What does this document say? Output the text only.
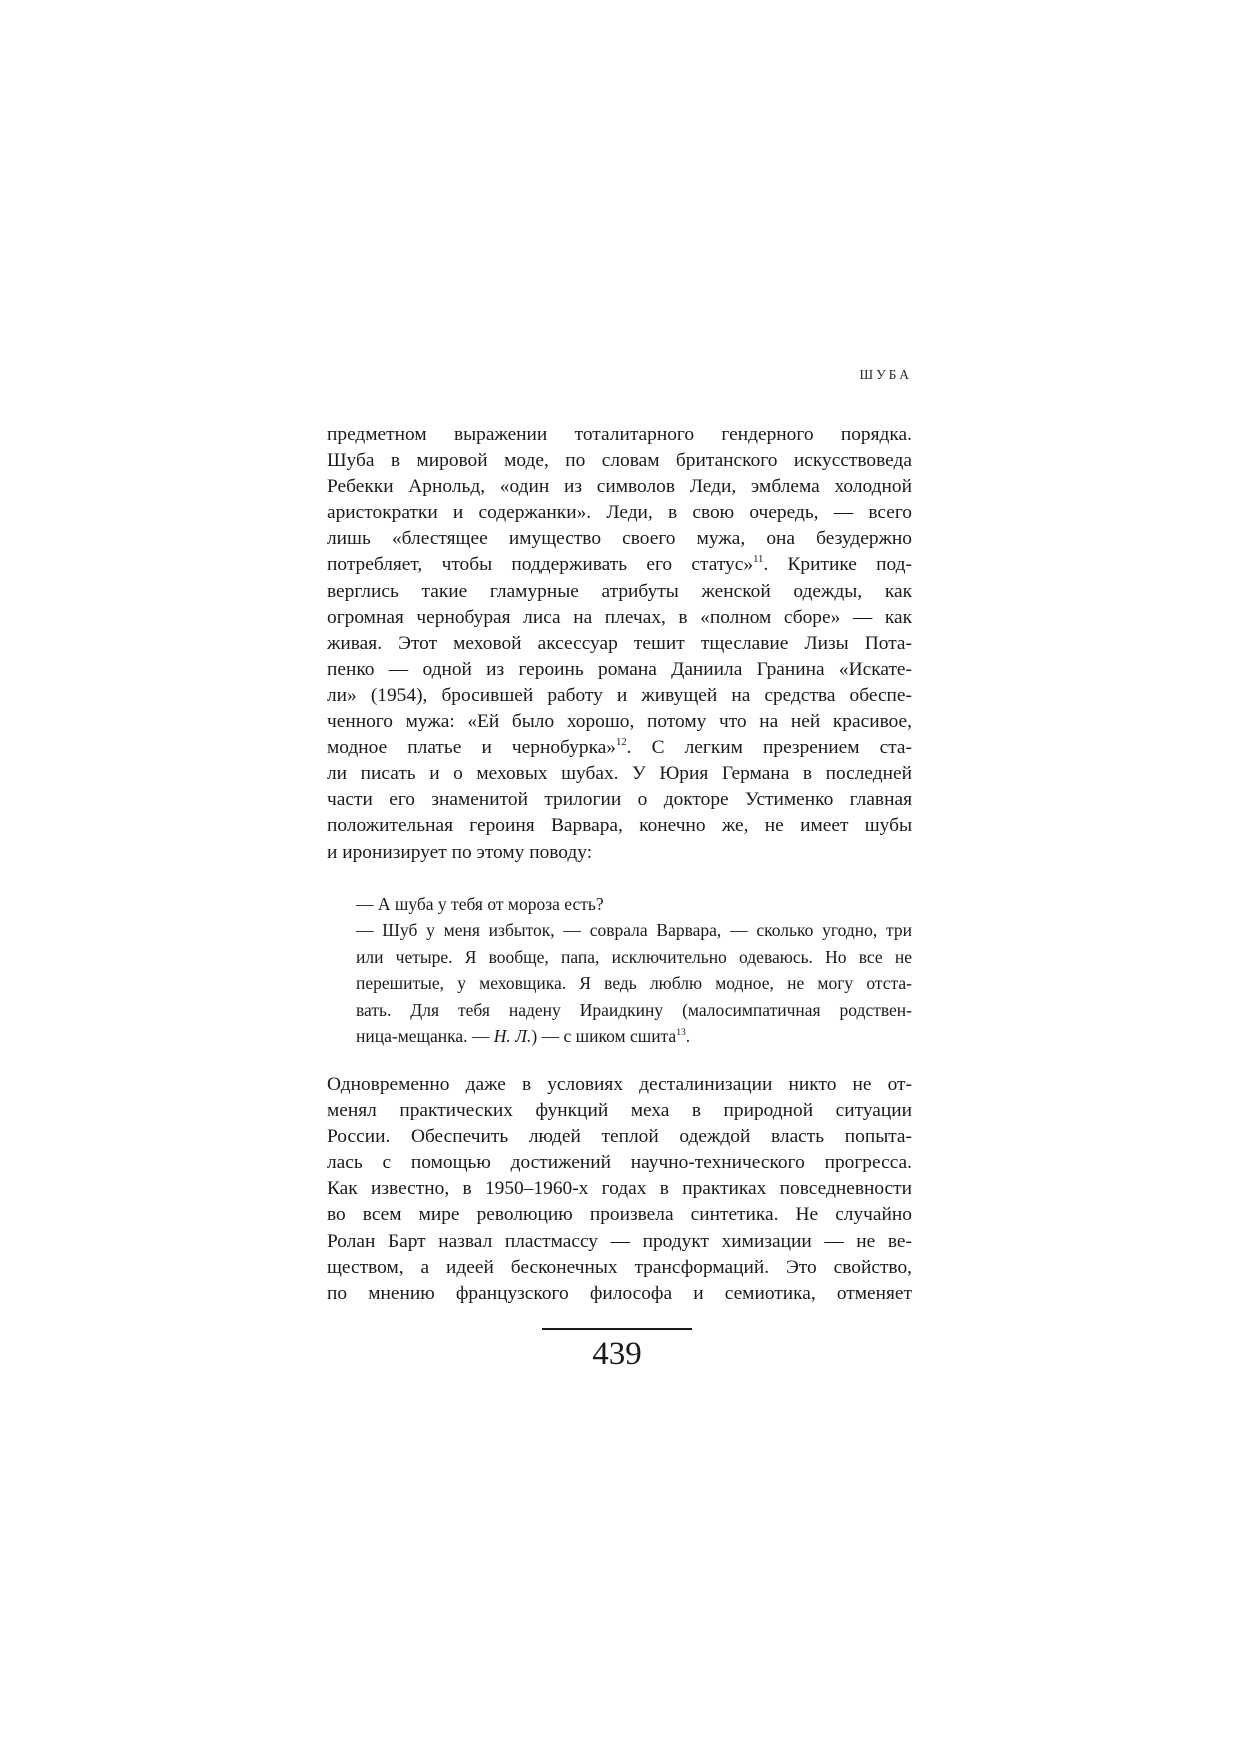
ШУБА
предметном выражении тоталитарного гендерного порядка.
Шуба в мировой моде, по словам британского искусствоведа
Ребекки Арнольд, «один из символов Леди, эмблема холодной
аристократки и содержанки». Леди, в свою очередь, — всего
лишь «блестящее имущество своего мужа, она безудержно
потребляет, чтобы поддерживать его статус»$^{11}$. Критике под-
верглись такие гламурные атрибуты женской одежды, как
огромная чернобурая лиса на плечах, в «полном сборе» — как
живая. Этот меховой аксессуар тешит тщеславие Лизы Пота-
пенко — одной из героинь романа Даниила Гранина «Искате-
ли» (1954), бросившей работу и живущей на средства обеспе-
ченного мужа: «Ей было хорошо, потому что на ней красивое,
модное платье и чернобурка»$^{12}$. С легким презрением ста-
ли писать и о меховых шубах. У Юрия Германа в последней
части его знаменитой трилогии о докторе Устименко главная
положительная героиня Варвара, конечно же, не имеет шубы
и иронизирует по этому поводу:
— А шуба у тебя от мороза есть?
— Шуб у меня избыток, — соврала Варвара, — сколько угодно, три
или четыре. Я вообще, папа, исключительно одеваюсь. Но все не
перешитые, у меховщика. Я ведь люблю модное, не могу отста-
вать. Для тебя надену Ираидкину (малосимпатичная родствен-
ница-мещанка. — Н. Л.) — с шиком сшита$^{13}$.
Одновременно даже в условиях десталинизации никто не от-
менял практических функций меха в природной ситуации
России. Обеспечить людей теплой одеждой власть попыта-
лась с помощью достижений научно-технического прогресса.
Как известно, в 1950–1960-х годах в практиках повседневности
во всем мире революцию произвела синтетика. Не случайно
Ролан Барт назвал пластмассу — продукт химизации — не ве-
ществом, а идеей бесконечных трансформаций. Это свойство,
по мнению французского философа и семиотика, отменяет
439
